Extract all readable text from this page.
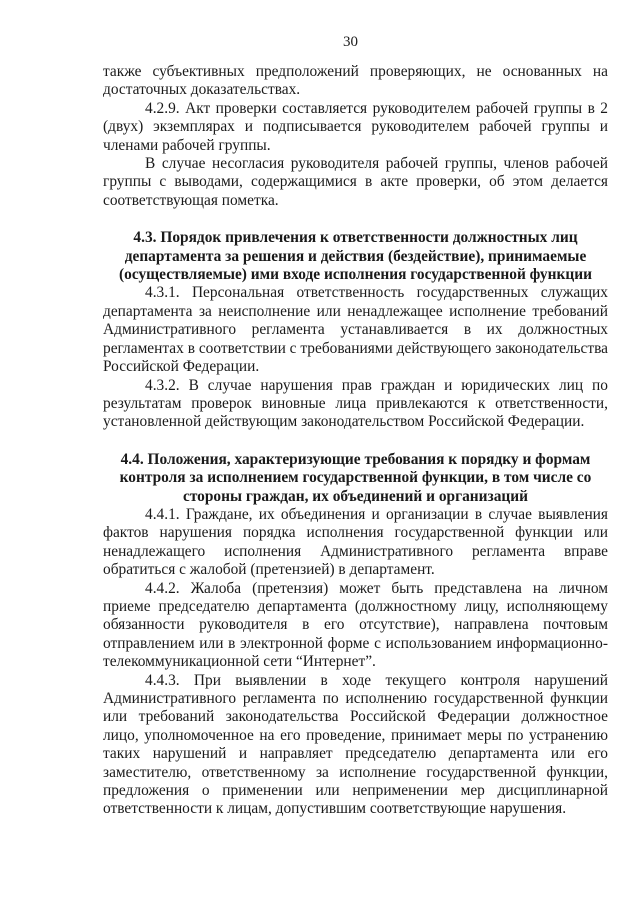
30

также субъективных предположений проверяющих, не основанных на достаточных доказательствах.

4.2.9. Акт проверки составляется руководителем рабочей группы в 2 (двух) экземплярах и подписывается руководителем рабочей группы и членами рабочей группы.

В случае несогласия руководителя рабочей группы, членов рабочей группы с выводами, содержащимися в акте проверки, об этом делается соответствующая пометка.

4.3. Порядок привлечения к ответственности должностных лиц департамента за решения и действия (бездействие), принимаемые (осуществляемые) ими входе исполнения государственной функции

4.3.1. Персональная ответственность государственных служащих департамента за неисполнение или ненадлежащее исполнение требований Административного регламента устанавливается в их должностных регламентах в соответствии с требованиями действующего законодательства Российской Федерации.

4.3.2. В случае нарушения прав граждан и юридических лиц по результатам проверок виновные лица привлекаются к ответственности, установленной действующим законодательством Российской Федерации.

4.4. Положения, характеризующие требования к порядку и формам контроля за исполнением государственной функции, в том числе со стороны граждан, их объединений и организаций

4.4.1. Граждане, их объединения и организации в случае выявления фактов нарушения порядка исполнения государственной функции или ненадлежащего исполнения Административного регламента вправе обратиться с жалобой (претензией) в департамент.

4.4.2. Жалоба (претензия) может быть представлена на личном приеме председателю департамента (должностному лицу, исполняющему обязанности руководителя в его отсутствие), направлена почтовым отправлением или в электронной форме с использованием информационно-телекоммуникационной сети “Интернет”.

4.4.3. При выявлении в ходе текущего контроля нарушений Административного регламента по исполнению государственной функции или требований законодательства Российской Федерации должностное лицо, уполномоченное на его проведение, принимает меры по устранению таких нарушений и направляет председателю департамента или его заместителю, ответственному за исполнение государственной функции, предложения о применении или неприменении мер дисциплинарной ответственности к лицам, допустившим соответствующие нарушения.
